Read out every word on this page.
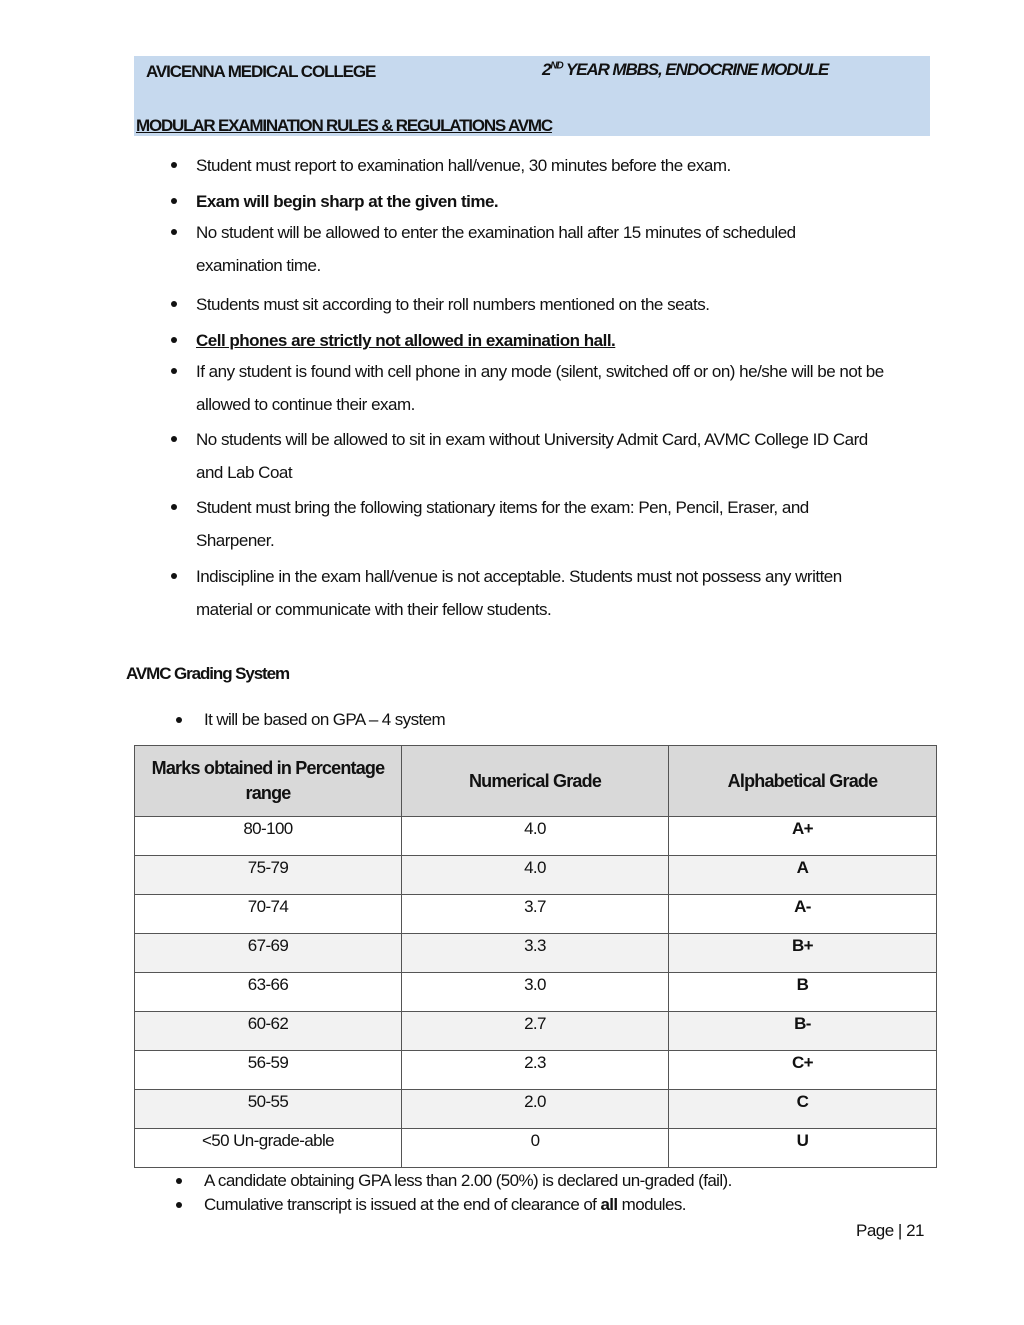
AVICENNA MEDICAL COLLEGE	2ND YEAR MBBS, ENDOCRINE MODULE
MODULAR EXAMINATION RULES & REGULATIONS AVMC
Student must report to examination hall/venue, 30 minutes before the exam.
Exam will begin sharp at the given time.
No student will be allowed to enter the examination hall after 15 minutes of scheduled
examination time.
Students must sit according to their roll numbers mentioned on the seats.
Cell phones are strictly not allowed in examination hall.
If any student is found with cell phone in any mode (silent, switched off or on) he/she will be not be
allowed to continue their exam.
No students will be allowed to sit in exam without University Admit Card, AVMC College ID Card
and Lab Coat
Student must bring the following stationary items for the exam: Pen, Pencil, Eraser, and
Sharpener.
Indiscipline in the exam hall/venue is not acceptable. Students must not possess any written
material or communicate with their fellow students.
AVMC Grading System
It will be based on GPA – 4 system
Marks obtained in Percentage range	Numerical Grade	Alphabetical Grade
80-100	4.0	A+
75-79	4.0	A
70-74	3.7	A-
67-69	3.3	B+
63-66	3.0	B
60-62	2.7	B-
56-59	2.3	C+
50-55	2.0	C
<50 Un-grade-able	0	U
A candidate obtaining GPA less than 2.00 (50%) is declared un-graded (fail).
Cumulative transcript is issued at the end of clearance of all modules.
Page | 21
